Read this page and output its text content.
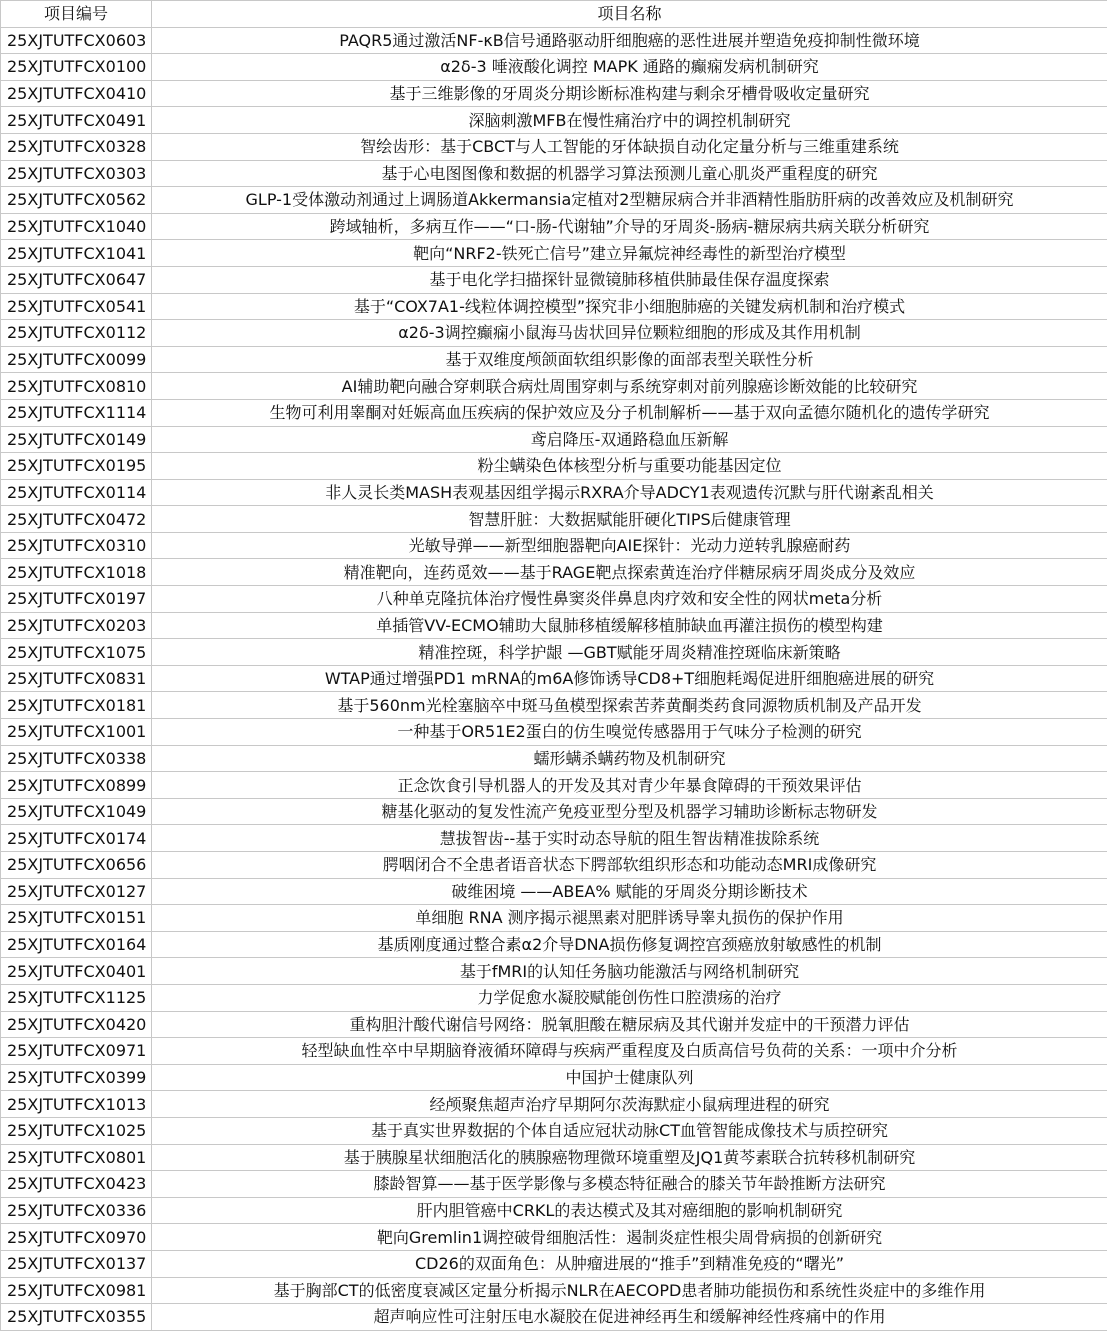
项目编号	项目名称
25XJTUTFCX0603	PAQR5通过激活NF-κB信号通路驱动肝细胞癌的恶性进展并塑造免疫抑制性微环境
25XJTUTFCX0100	α2δ-3 唾液酸化调控 MAPK 通路的癫痫发病机制研究
25XJTUTFCX0410	基于三维影像的牙周炎分期诊断标准构建与剩余牙槽骨吸收定量研究
25XJTUTFCX0491	深脑刺激MFB在慢性痛治疗中的调控机制研究
25XJTUTFCX0328	智绘齿形：基于CBCT与人工智能的牙体缺损自动化定量分析与三维重建系统
25XJTUTFCX0303	基于心电图图像和数据的机器学习算法预测儿童心肌炎严重程度的研究
25XJTUTFCX0562	GLP-1受体激动剂通过上调肠道Akkermansia定植对2型糖尿病合并非酒精性脂肪肝病的改善效应及机制研究
25XJTUTFCX1040	跨域轴析，多病互作——“口-肠-代谢轴”介导的牙周炎-肠病-糖尿病共病关联分析研究
25XJTUTFCX1041	靶向“NRF2-铁死亡信号”建立异氟烷神经毒性的新型治疗模型
25XJTUTFCX0647	基于电化学扫描探针显微镜肺移植供肺最佳保存温度探索
25XJTUTFCX0541	基于“COX7A1-线粒体调控模型”探究非小细胞肺癌的关键发病机制和治疗模式
25XJTUTFCX0112	α2δ-3调控癫痫小鼠海马齿状回异位颗粒细胞的形成及其作用机制
25XJTUTFCX0099	基于双维度颅颌面软组织影像的面部表型关联性分析
25XJTUTFCX0810	AI辅助靶向融合穿刺联合病灶周围穿刺与系统穿刺对前列腺癌诊断效能的比较研究
25XJTUTFCX1114	生物可利用睾酮对妊娠高血压疾病的保护效应及分子机制解析——基于双向孟德尔随机化的遗传学研究
25XJTUTFCX0149	鸢启降压-双通路稳血压新解
25XJTUTFCX0195	粉尘螨染色体核型分析与重要功能基因定位
25XJTUTFCX0114	非人灵长类MASH表观基因组学揭示RXRA介导ADCY1表观遗传沉默与肝代谢紊乱相关
25XJTUTFCX0472	智慧肝脏：大数据赋能肝硬化TIPS后健康管理
25XJTUTFCX0310	光敏导弹——新型细胞器靶向AIE探针：光动力逆转乳腺癌耐药
25XJTUTFCX1018	精准靶向，连药觅效——基于RAGE靶点探索黄连治疗伴糖尿病牙周炎成分及效应
25XJTUTFCX0197	八种单克隆抗体治疗慢性鼻窦炎伴鼻息肉疗效和安全性的网状meta分析
25XJTUTFCX0203	单插管VV-ECMO辅助大鼠肺移植缓解移植肺缺血再灌注损伤的模型构建
25XJTUTFCX1075	精准控斑，科学护龈 —GBT赋能牙周炎精准控斑临床新策略
25XJTUTFCX0831	WTAP通过增强PD1 mRNA的m6A修饰诱导CD8+T细胞耗竭促进肝细胞癌进展的研究
25XJTUTFCX0181	基于560nm光栓塞脑卒中斑马鱼模型探索苦荞黄酮类药食同源物质机制及产品开发
25XJTUTFCX1001	一种基于OR51E2蛋白的仿生嗅觉传感器用于气味分子检测的研究
25XJTUTFCX0338	蠕形螨杀螨药物及机制研究
25XJTUTFCX0899	正念饮食引导机器人的开发及其对青少年暴食障碍的干预效果评估
25XJTUTFCX1049	糖基化驱动的复发性流产免疫亚型分型及机器学习辅助诊断标志物研发
25XJTUTFCX0174	慧拔智齿--基于实时动态导航的阻生智齿精准拔除系统
25XJTUTFCX0656	腭咽闭合不全患者语音状态下腭部软组织形态和功能动态MRI成像研究
25XJTUTFCX0127	破维困境 ——ABEA% 赋能的牙周炎分期诊断技术
25XJTUTFCX0151	单细胞 RNA 测序揭示褪黑素对肥胖诱导睾丸损伤的保护作用
25XJTUTFCX0164	基质刚度通过整合素α2介导DNA损伤修复调控宫颈癌放射敏感性的机制
25XJTUTFCX0401	基于fMRI的认知任务脑功能激活与网络机制研究
25XJTUTFCX1125	力学促愈水凝胶赋能创伤性口腔溃疡的治疗
25XJTUTFCX0420	重构胆汁酸代谢信号网络：脱氧胆酸在糖尿病及其代谢并发症中的干预潜力评估
25XJTUTFCX0971	轻型缺血性卒中早期脑脊液循环障碍与疾病严重程度及白质高信号负荷的关系：一项中介分析
25XJTUTFCX0399	中国护士健康队列
25XJTUTFCX1013	经颅聚焦超声治疗早期阿尔茨海默症小鼠病理进程的研究
25XJTUTFCX1025	基于真实世界数据的个体自适应冠状动脉CT血管智能成像技术与质控研究
25XJTUTFCX0801	基于胰腺星状细胞活化的胰腺癌物理微环境重塑及JQ1黄芩素联合抗转移机制研究
25XJTUTFCX0423	膝龄智算——基于医学影像与多模态特征融合的膝关节年龄推断方法研究
25XJTUTFCX0336	肝内胆管癌中CRKL的表达模式及其对癌细胞的影响机制研究
25XJTUTFCX0970	靶向Gremlin1调控破骨细胞活性：遏制炎症性根尖周骨病损的创新研究
25XJTUTFCX0137	CD26的双面角色：从肿瘤进展的“推手”到精准免疫的“曙光”
25XJTUTFCX0981	基于胸部CT的低密度衰减区定量分析揭示NLR在AECOPD患者肺功能损伤和系统性炎症中的多维作用
25XJTUTFCX0355	超声响应性可注射压电水凝胶在促进神经再生和缓解神经性疼痛中的作用
